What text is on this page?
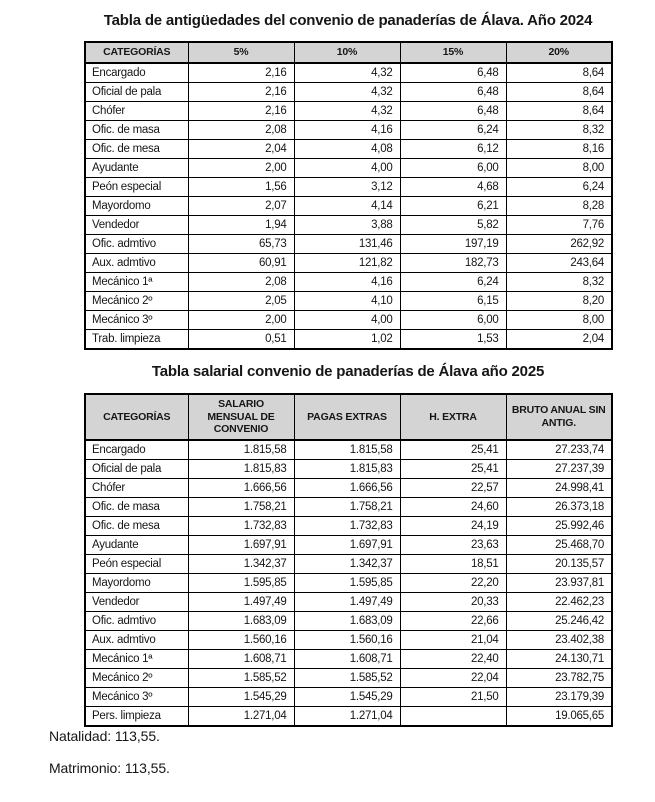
Tabla de antigüedades del convenio de panaderías de Álava. Año 2024
CATEGORÍAS	5%	10%	15%	20%
Encargado	2,16	4,32	6,48	8,64
Oficial de pala	2,16	4,32	6,48	8,64
Chófer	2,16	4,32	6,48	8,64
Ofic. de masa	2,08	4,16	6,24	8,32
Ofic. de mesa	2,04	4,08	6,12	8,16
Ayudante	2,00	4,00	6,00	8,00
Peón especial	1,56	3,12	4,68	6,24
Mayordomo	2,07	4,14	6,21	8,28
Vendedor	1,94	3,88	5,82	7,76
Ofic. admtivo	65,73	131,46	197,19	262,92
Aux. admtivo	60,91	121,82	182,73	243,64
Mecánico 1ª	2,08	4,16	6,24	8,32
Mecánico 2º	2,05	4,10	6,15	8,20
Mecánico 3º	2,00	4,00	6,00	8,00
Trab. limpieza	0,51	1,02	1,53	2,04
Tabla salarial convenio de panaderías de Álava año 2025
CATEGORÍAS	SALARIO MENSUAL DE CONVENIO	PAGAS EXTRAS	H. EXTRA	BRUTO ANUAL SIN ANTIG.
Encargado	1.815,58	1.815,58	25,41	27.233,74
Oficial de pala	1.815,83	1.815,83	25,41	27.237,39
Chófer	1.666,56	1.666,56	22,57	24.998,41
Ofic. de masa	1.758,21	1.758,21	24,60	26.373,18
Ofic. de mesa	1.732,83	1.732,83	24,19	25.992,46
Ayudante	1.697,91	1.697,91	23,63	25.468,70
Peón especial	1.342,37	1.342,37	18,51	20.135,57
Mayordomo	1.595,85	1.595,85	22,20	23.937,81
Vendedor	1.497,49	1.497,49	20,33	22.462,23
Ofic. admtivo	1.683,09	1.683,09	22,66	25.246,42
Aux. admtivo	1.560,16	1.560,16	21,04	23.402,38
Mecánico 1ª	1.608,71	1.608,71	22,40	24.130,71
Mecánico 2º	1.585,52	1.585,52	22,04	23.782,75
Mecánico 3º	1.545,29	1.545,29	21,50	23.179,39
Pers. limpieza	1.271,04	1.271,04		19.065,65
Natalidad: 113,55.
Matrimonio: 113,55.
